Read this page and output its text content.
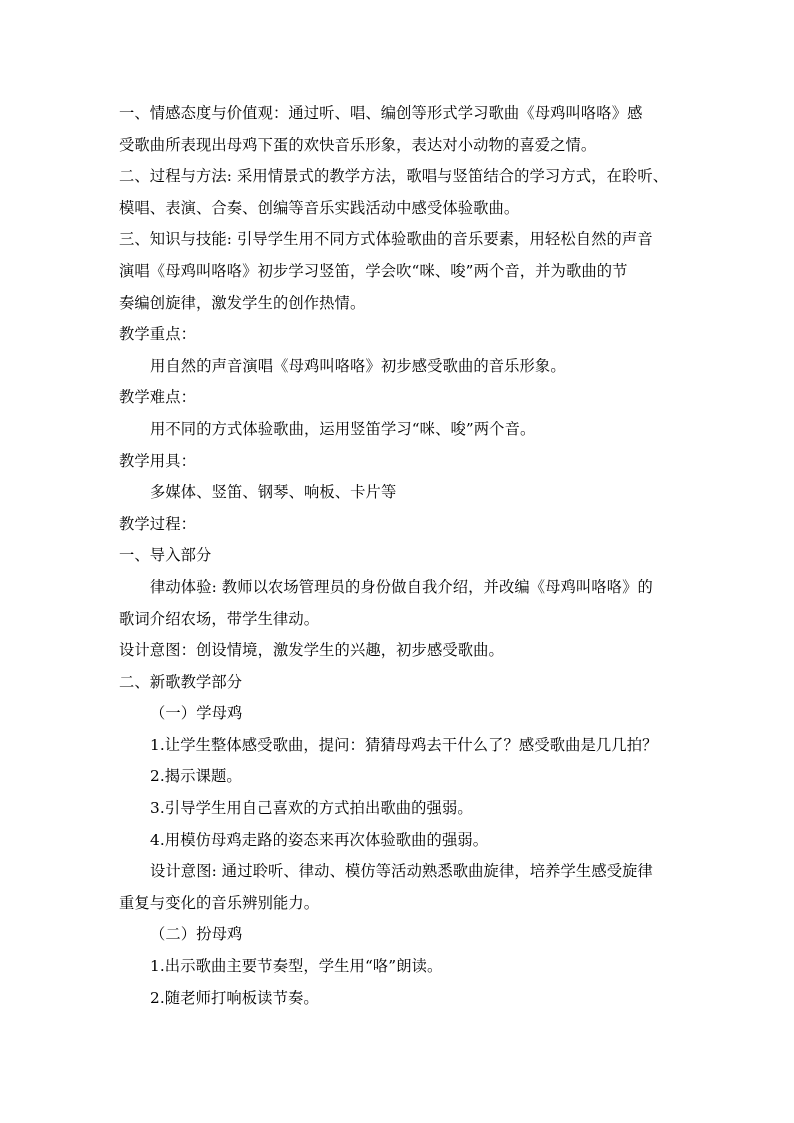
一、情感态度与价值观：通过听、唱、编创等形式学习歌曲《母鸡叫咯咯》感
受歌曲所表现出母鸡下蛋的欢快音乐形象，表达对小动物的喜爱之情。
二、过程与方法: 采用情景式的教学方法，歌唱与竖笛结合的学习方式，在聆听、
模唱、表演、合奏、创编等音乐实践活动中感受体验歌曲。
三、知识与技能: 引导学生用不同方式体验歌曲的音乐要素，用轻松自然的声音
演唱《母鸡叫咯咯》初步学习竖笛，学会吹“咪、唆”两个音，并为歌曲的节
奏编创旋律，激发学生的创作热情。
教学重点：
用自然的声音演唱《母鸡叫咯咯》初步感受歌曲的音乐形象。
教学难点：
用不同的方式体验歌曲，运用竖笛学习“咪、唆”两个音。
教学用具：
多媒体、竖笛、钢琴、响板、卡片等
教学过程：
一、导入部分
律动体验: 教师以农场管理员的身份做自我介绍，并改编《母鸡叫咯咯》的
歌词介绍农场，带学生律动。
设计意图：创设情境，激发学生的兴趣，初步感受歌曲。
二、新歌教学部分
（一）学母鸡
1.让学生整体感受歌曲，提问：猜猜母鸡去干什么了？感受歌曲是几几拍？
2.揭示课题。
3.引导学生用自己喜欢的方式拍出歌曲的强弱。
4.用模仿母鸡走路的姿态来再次体验歌曲的强弱。
设计意图: 通过聆听、律动、模仿等活动熟悉歌曲旋律，培养学生感受旋律
重复与变化的音乐辨别能力。
（二）扮母鸡
1.出示歌曲主要节奏型，学生用“咯”朗读。
2.随老师打响板读节奏。
